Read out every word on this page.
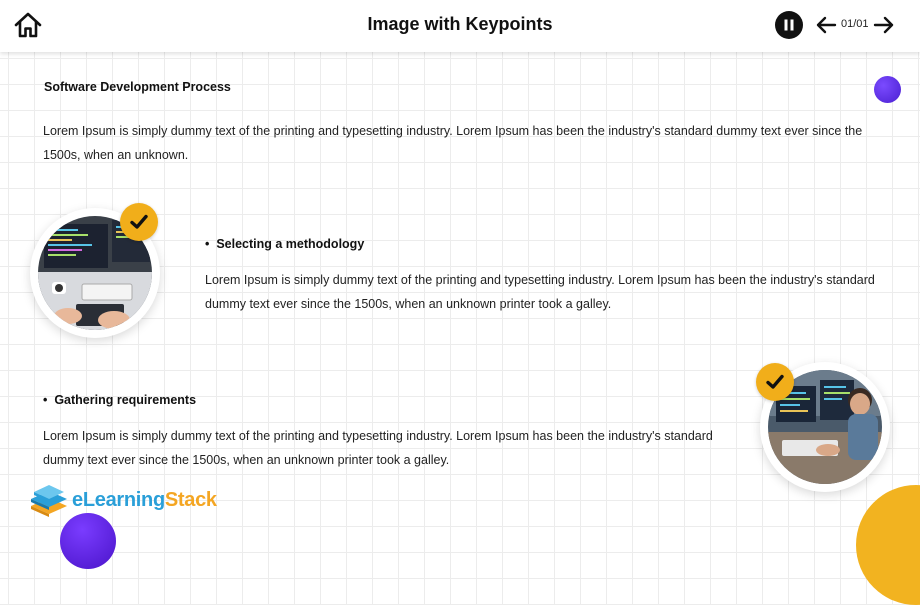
Image with Keypoints	01/01
Software Development Process
Lorem Ipsum is simply dummy text of the printing and typesetting industry. Lorem Ipsum has been the industry's standard dummy text ever since the 1500s, when an unknown.
•  Selecting a methodology
Lorem Ipsum is simply dummy text of the printing and typesetting industry. Lorem Ipsum has been the industry's standard dummy text ever since the 1500s, when an unknown printer took a galley.
•  Gathering requirements
Lorem Ipsum is simply dummy text of the printing and typesetting industry. Lorem Ipsum has been the industry's standard dummy text ever since the 1500s, when an unknown printer took a galley.
eLearningStack
